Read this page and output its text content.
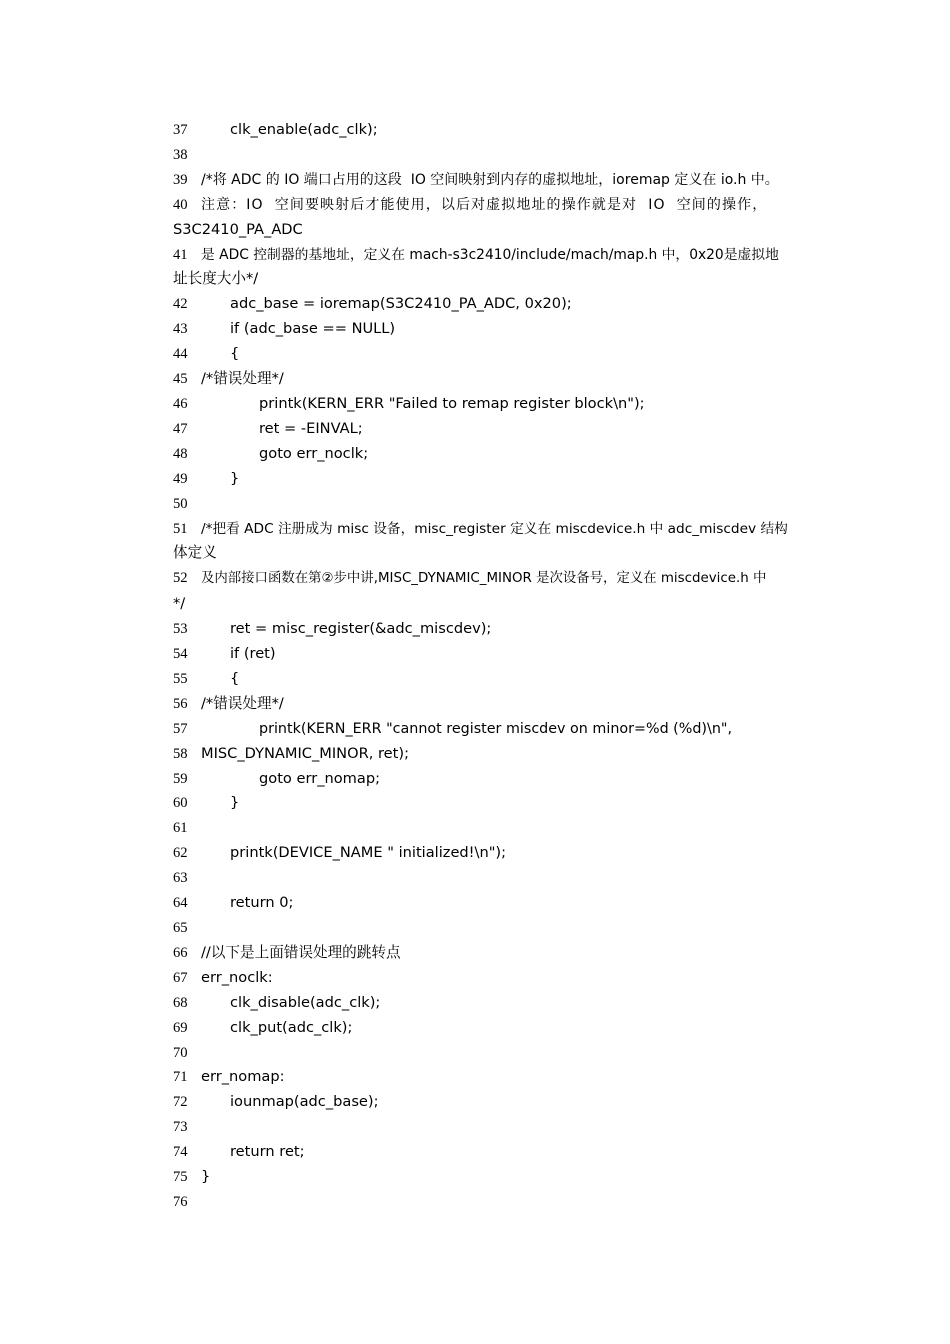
37	clk_enable(adc_clk);
38
39 /*将 ADC 的 IO 端口占用的这段  IO 空间映射到内存的虚拟地址，ioremap 定义在 io.h 中。
40 注意：IO  空间要映射后才能使用，以后对虚拟地址的操作就是对  IO  空间的操作，
S3C2410_PA_ADC
41 是 ADC 控制器的基地址，定义在 mach-s3c2410/include/mach/map.h 中，0x20是虚拟地
址长度大小*/
42	adc_base = ioremap(S3C2410_PA_ADC, 0x20);
43	if (adc_base == NULL)
44	{
45 /*错误处理*/
46	printk(KERN_ERR "Failed to remap register block\n");
47	ret = -EINVAL;
48	goto err_noclk;
49	}
50
51 /*把看 ADC 注册成为 misc 设备，misc_register 定义在 miscdevice.h 中 adc_miscdev 结构
体定义
52 及内部接口函数在第②步中讲,MISC_DYNAMIC_MINOR 是次设备号，定义在 miscdevice.h 中
*/
53	ret = misc_register(&adc_miscdev);
54	if (ret)
55	{
56 /*错误处理*/
57	printk(KERN_ERR "cannot register miscdev on minor=%d (%d)\n",
58 MISC_DYNAMIC_MINOR, ret);
59	goto err_nomap;
60	}
61
62	printk(DEVICE_NAME " initialized!\n");
63
64	return 0;
65
66 //以下是上面错误处理的跳转点
67 err_noclk:
68	clk_disable(adc_clk);
69	clk_put(adc_clk);
70
71 err_nomap:
72	iounmap(adc_base);
73
74	return ret;
75 }
76
